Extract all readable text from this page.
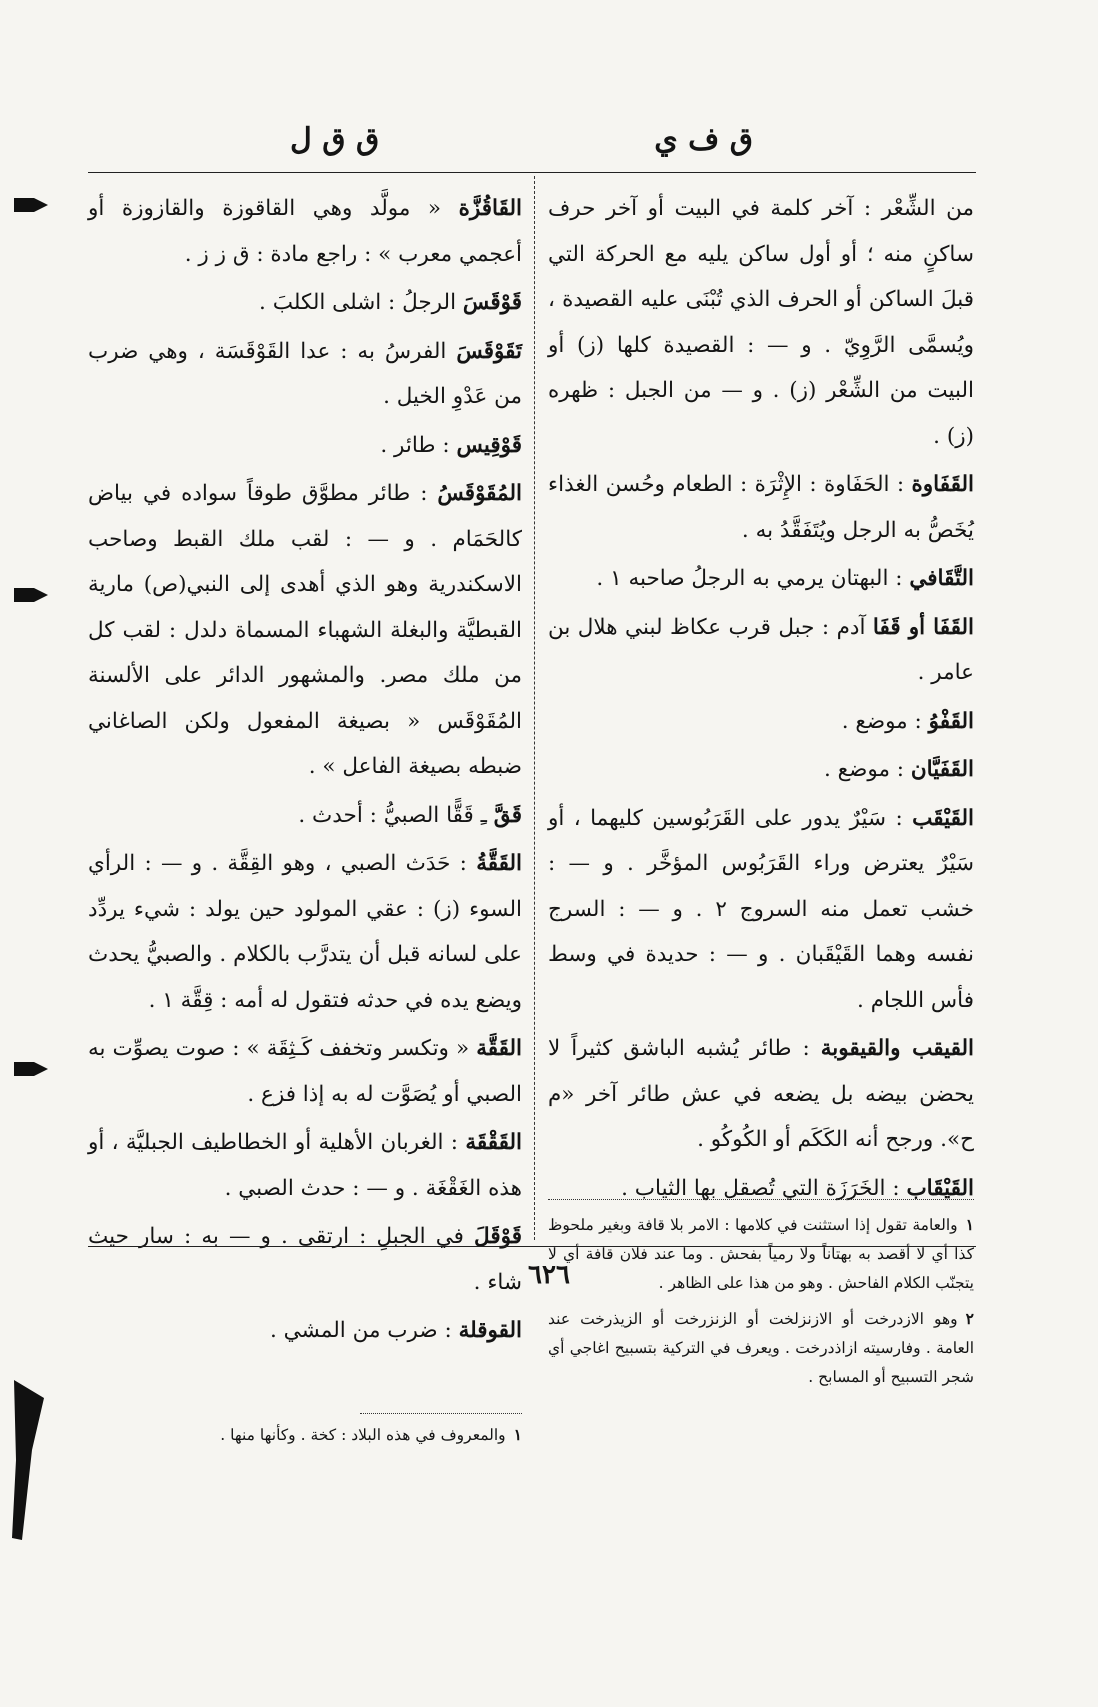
ق ف ي
ق ق ل

من الشِّعْر : آخر كلمة في البيت أو آخر حرف ساكنٍ منه ؛ أو أول ساكن يليه مع الحركة التي قبلَ الساكن أو الحرف الذي تُبْنَى عليه القصيدة ، ويُسمَّى الرَّوِيّ . و — : القصيدة كلها (ز) أو البيت من الشِّعْر (ز) . و — من الجبل : ظهره (ز) .

القَفَاوة : الحَفَاوة : الإِثْرَة : الطعام وحُسن الغذاء يُخَصُّ به الرجل ويُتَفَقَّدُ به .

التَّقَافي : البهتان يرمي به الرجلُ صاحبه ١ .

القَفَا أو قَفَا آدم : جبل قرب عكاظ لبني هلال بن عامر .

القَفْوُ : موضع .

القَفَيَّان : موضع .

القَيْقَب : سَيْرٌ يدور على القَرَبُوسين كليهما ، أو سَيْرٌ يعترض وراء القَرَبُوس المؤخَّر . و — : خشب تعمل منه السروج ٢ . و — : السرج نفسه وهما القَيْقَبان . و — : حديدة في وسط فأس اللجام .

القيقب والقيقوبة : طائر يُشبه الباشق كثيراً لا يحضن بيضه بل يضعه في عش طائر آخر «م ح». ورجح أنه الكَكَم أو الكُوكُو .

القَيْقَاب : الخَرَزَة التي تُصقل بها الثياب .

القَاقُزَّة « مولَّد وهي القاقوزة والقازوزة أو أعجمي معرب » : راجع مادة : ق ز ز .

قَوْقَسَ الرجلُ : اشلى الكلبَ .

تَقَوْقَسَ الفرسُ به : عدا القَوْقَسَة ، وهي ضرب من عَدْوِ الخيل .

قَوْقِيس : طائر .

المُقَوْقَسُ : طائر مطوَّق طوقاً سواده في بياض كالحَمَام . و — : لقب ملك القبط وصاحب الاسكندرية وهو الذي أهدى إلى النبي(ص) مارية القبطيَّة والبغلة الشهباء المسماة دلدل : لقب كل من ملك مصر. والمشهور الدائر على الألسنة المُقَوْقَس « بصيغة المفعول ولكن الصاغاني ضبطه بصيغة الفاعل » .

قَقَّ ـِ قَقًّا الصبيُّ : أحدث .

القَقَّةُ : حَدَث الصبي ، وهو القِقَّة . و — : الرأي السوء (ز) : عقي المولود حين يولد : شيء يردِّد على لسانه قبل أن يتدرَّب بالكلام . والصبيُّ يحدث ويضع يده في حدثه فتقول له أمه : قِقَّة ١ .

القَقَّة « وتكسر وتخفف كَـثِقَة » : صوت يصوِّت به الصبي أو يُصَوَّت له به إذا فزع .

القَقْقَة : الغربان الأهلية أو الخطاطيف الجبليَّة ، أو هذه الغَقْغَة . و — : حدث الصبي .

قَوْقَلَ في الجبلِ : ارتقى . و — به : سار حيث شاء .

القوقلة : ضرب من المشي .

١والعامة تقول إذا استثنت في كلامها : الامر بلا قافة وبغير ملحوظ كذا أي لا أقصد به بهتاناً ولا رمياً بفحش . وما عند فلان قافة أي لا يتجنّب الكلام الفاحش . وهو من هذا على الظاهر .
٢وهو الازدرخت أو الازنزلخت أو الزنزرخت أو الزيذرخت عند العامة . وفارسيته ازاذدرخت . ويعرف في التركية بتسبيح اغاجي أي شجر التسبيح أو المسابح .
١والمعروف في هذه البلاد : كخة . وكأنها منها .
٦٢٦
